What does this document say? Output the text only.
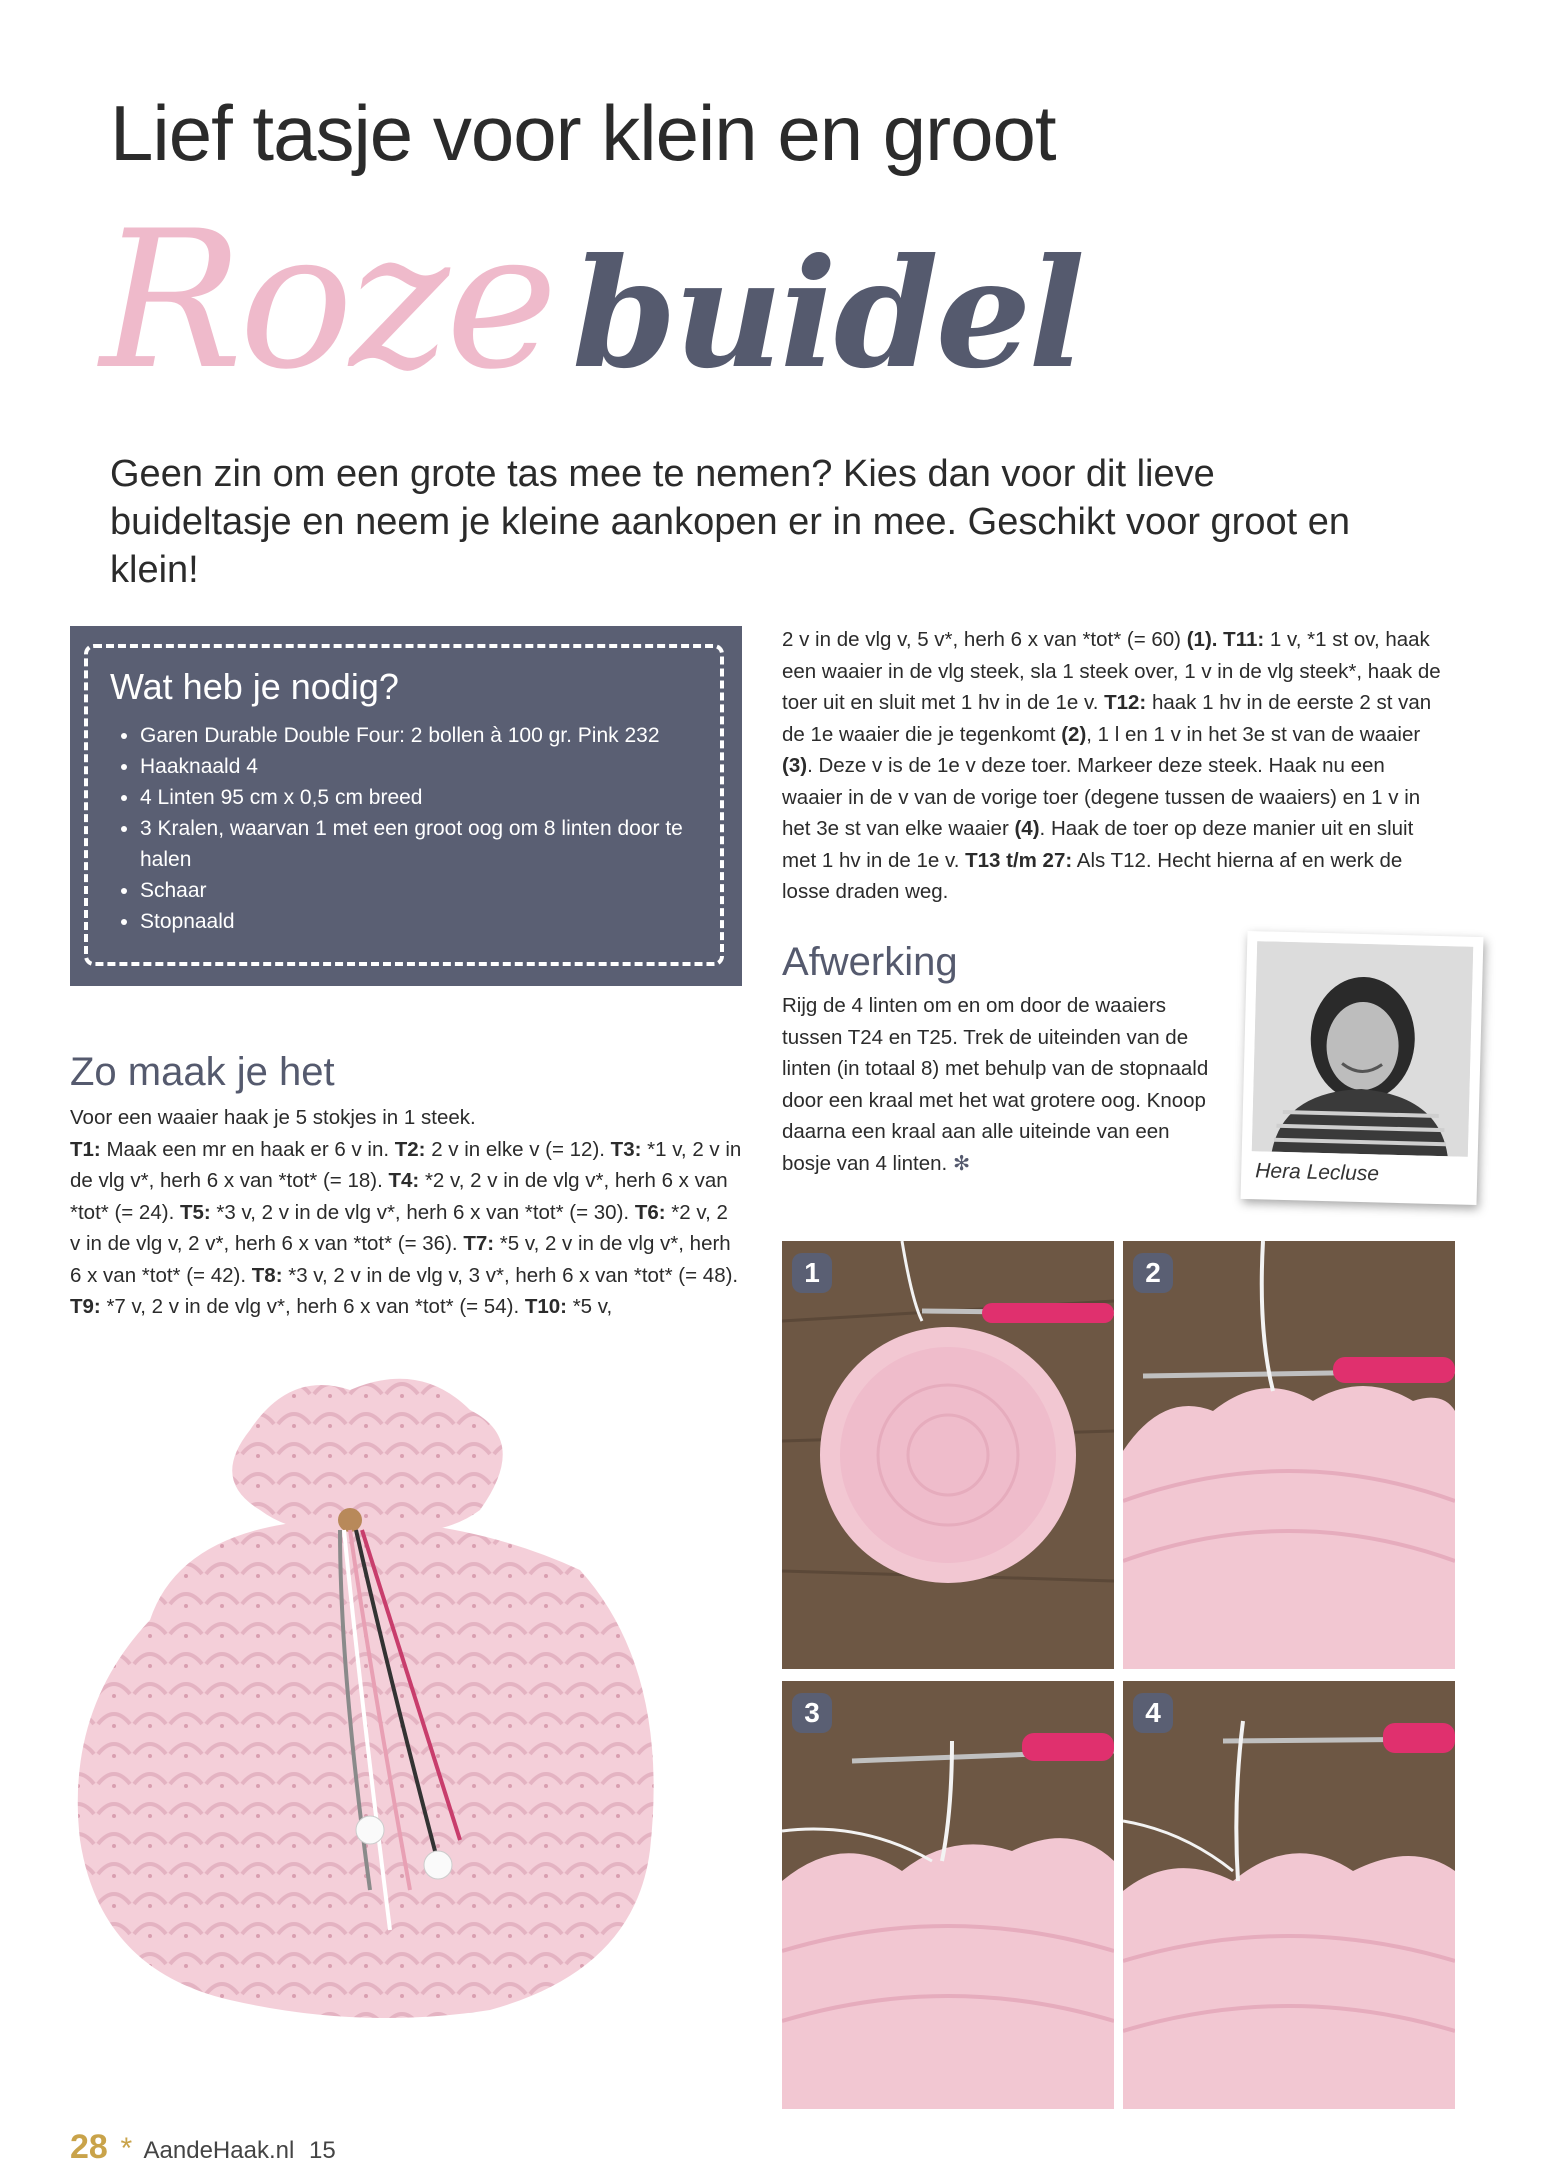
Lief tasje voor klein en groot
Roze buidel
Geen zin om een grote tas mee te nemen? Kies dan voor dit lieve buideltasje en neem je kleine aankopen er in mee. Geschikt voor groot en klein!
Wat heb je nodig?
• Garen Durable Double Four: 2 bollen à 100 gr. Pink 232
• Haaknaald 4
• 4 Linten 95 cm x 0,5 cm breed
• 3 Kralen, waarvan 1 met een groot oog om 8 linten door te halen
• Schaar
• Stopnaald
Zo maak je het
Voor een waaier haak je 5 stokjes in 1 steek.
T1: Maak een mr en haak er 6 v in. T2: 2 v in elke v (= 12). T3: *1 v, 2 v in de vlg v*, herh 6 x van *tot* (= 18). T4: *2 v, 2 v in de vlg v*, herh 6 x van *tot* (= 24). T5: *3 v, 2 v in de vlg v*, herh 6 x van *tot* (= 30). T6: *2 v, 2 v in de vlg v, 2 v*, herh 6 x van *tot* (= 36). T7: *5 v, 2 v in de vlg v*, herh 6 x van *tot* (= 42). T8: *3 v, 2 v in de vlg v, 3 v*, herh 6 x van *tot* (= 48). T9: *7 v, 2 v in de vlg v*, herh 6 x van *tot* (= 54). T10: *5 v,
2 v in de vlg v, 5 v*, herh 6 x van *tot* (= 60) (1). T11: 1 v, *1 st ov, haak een waaier in de vlg steek, sla 1 steek over, 1 v in de vlg steek*, haak de toer uit en sluit met 1 hv in de 1e v. T12: haak 1 hv in de eerste 2 st van de 1e waaier die je tegenkomt (2), 1 l en 1 v in het 3e st van de waaier (3). Deze v is de 1e v deze toer. Markeer deze steek. Haak nu een waaier in de v van de vorige toer (degene tussen de waaiers) en 1 v in het 3e st van elke waaier (4). Haak de toer op deze manier uit en sluit met 1 hv in de 1e v. T13 t/m 27: Als T12. Hecht hierna af en werk de losse draden weg.
Afwerking
Rijg de 4 linten om en om door de waaiers tussen T24 en T25. Trek de uiteinden van de linten (in totaal 8) met behulp van de stopnaald door een kraal met het wat grotere oog. Knoop daarna een kraal aan alle uiteinde van een bosje van 4 linten. ✻	Hera Lecluse
1	2
3	4
28 * AandeHaak.nl 15
